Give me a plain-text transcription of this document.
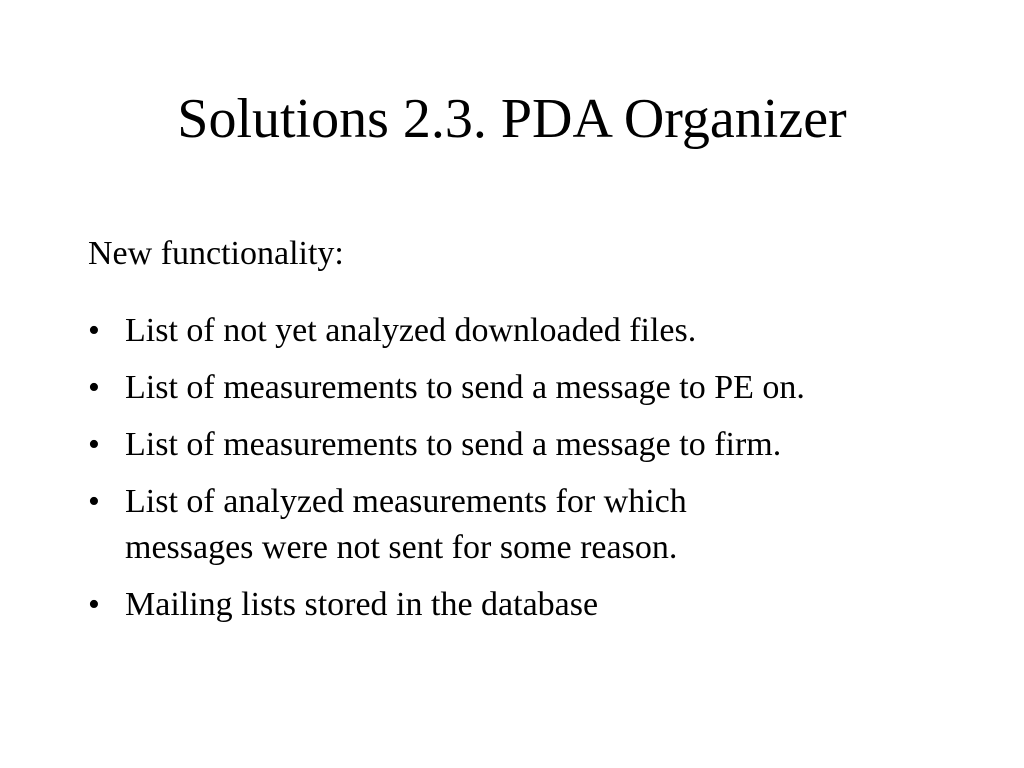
Solutions 2.3. PDA Organizer

New functionality:

• List of not yet analyzed downloaded files.
• List of measurements to send a message to PE on.
• List of measurements to send a message to firm.
• List of analyzed measurements for which
messages were not sent for some reason.
• Mailing lists stored in the database
